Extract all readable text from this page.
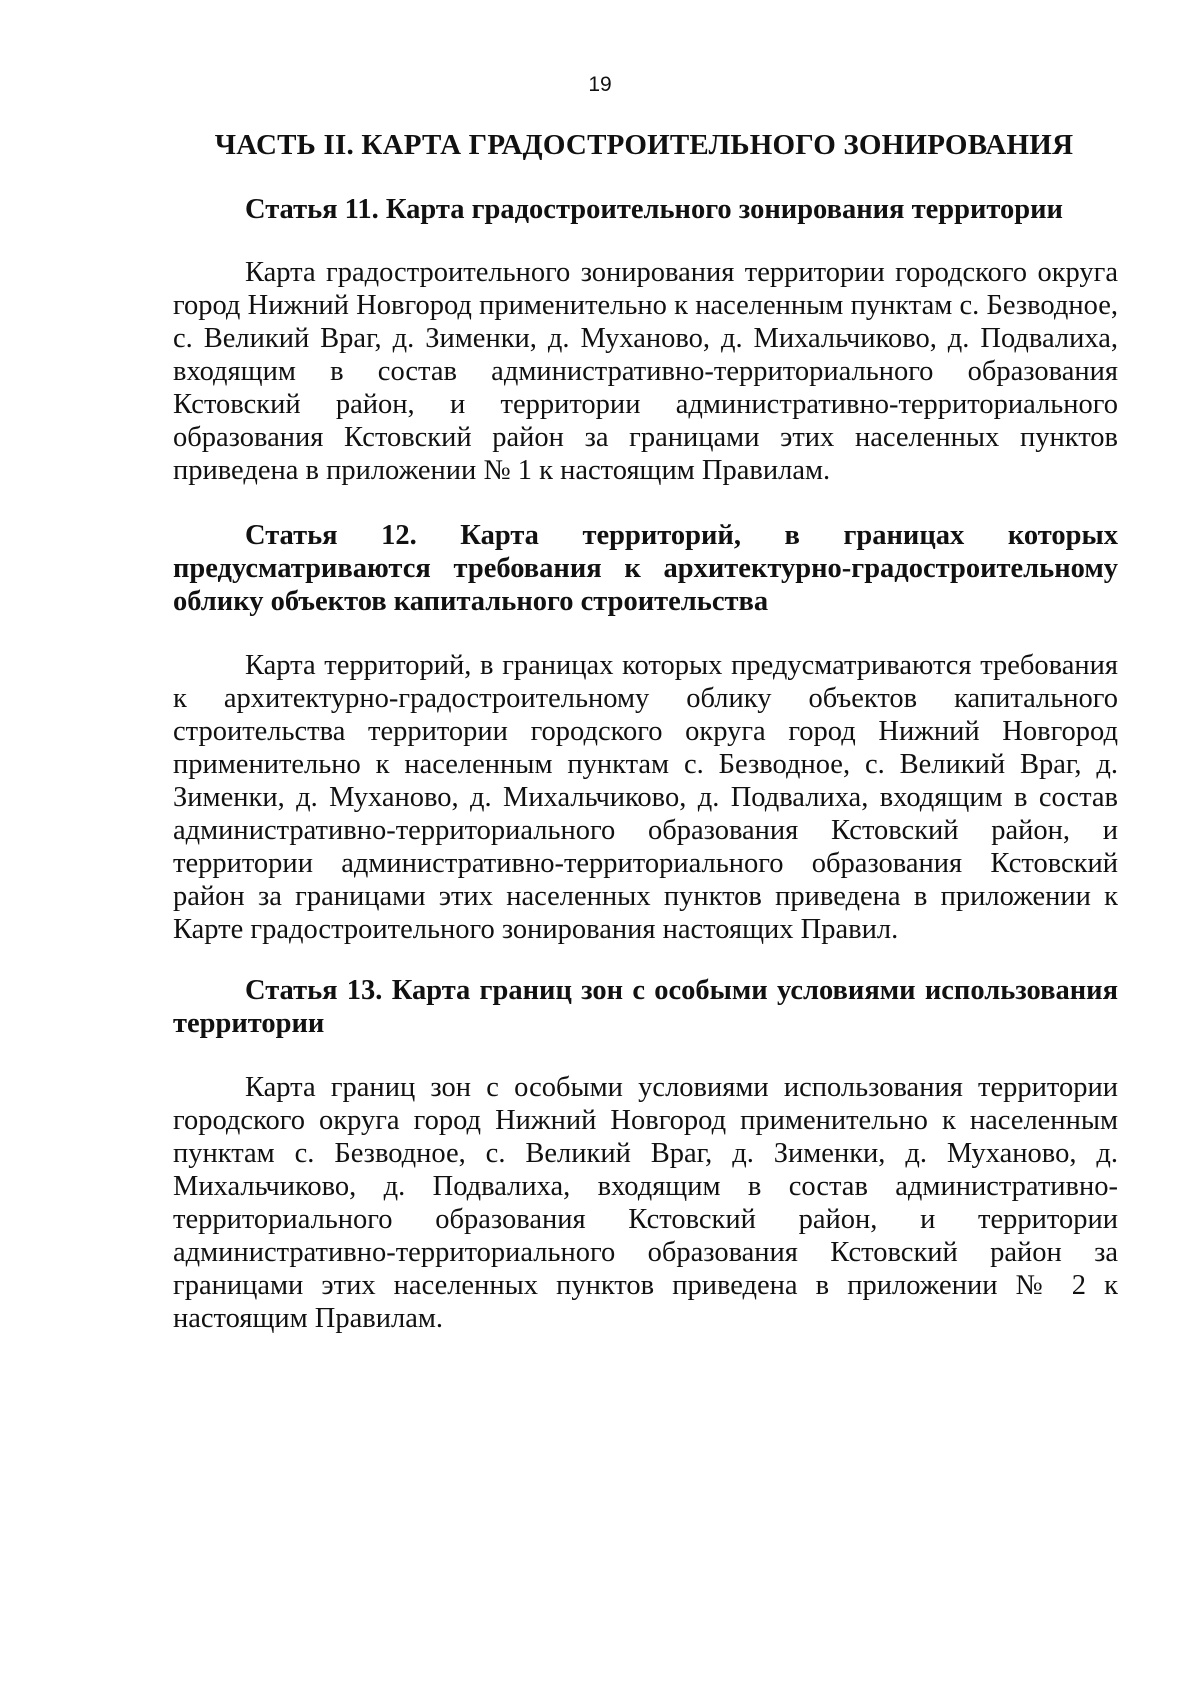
19
ЧАСТЬ II. КАРТА ГРАДОСТРОИТЕЛЬНОГО ЗОНИРОВАНИЯ

Статья 11. Карта градостроительного зонирования территории

Карта градостроительного зонирования территории городского округа город Нижний Новгород применительно к населенным пунктам с. Безводное, с. Великий Враг, д. Зименки, д. Муханово, д. Михальчиково, д. Подвалиха, входящим в состав административно-территориального образования Кстовский район, и территории административно-территориального образования Кстовский район за границами этих населенных пунктов приведена в приложении № 1 к настоящим Правилам.

Статья 12. Карта территорий, в границах которых предусматриваются требования к архитектурно-градостроительному облику объектов капитального строительства

Карта территорий, в границах которых предусматриваются требования к архитектурно-градостроительному облику объектов капитального строительства территории городского округа город Нижний Новгород применительно к населенным пунктам с. Безводное, с. Великий Враг, д. Зименки, д. Муханово, д. Михальчиково, д. Подвалиха, входящим в состав административно-территориального образования Кстовский район, и территории административно-территориального образования Кстовский район за границами этих населенных пунктов приведена в приложении к Карте градостроительного зонирования настоящих Правил.

Статья 13. Карта границ зон с особыми условиями использования территории

Карта границ зон с особыми условиями использования территории городского округа город Нижний Новгород применительно к населенным пунктам с. Безводное, с. Великий Враг, д. Зименки, д. Муханово, д. Михальчиково, д. Подвалиха, входящим в состав административно-территориального образования Кстовский район, и территории административно-территориального образования Кстовский район за границами этих населенных пунктов приведена в приложении № 2 к настоящим Правилам.
